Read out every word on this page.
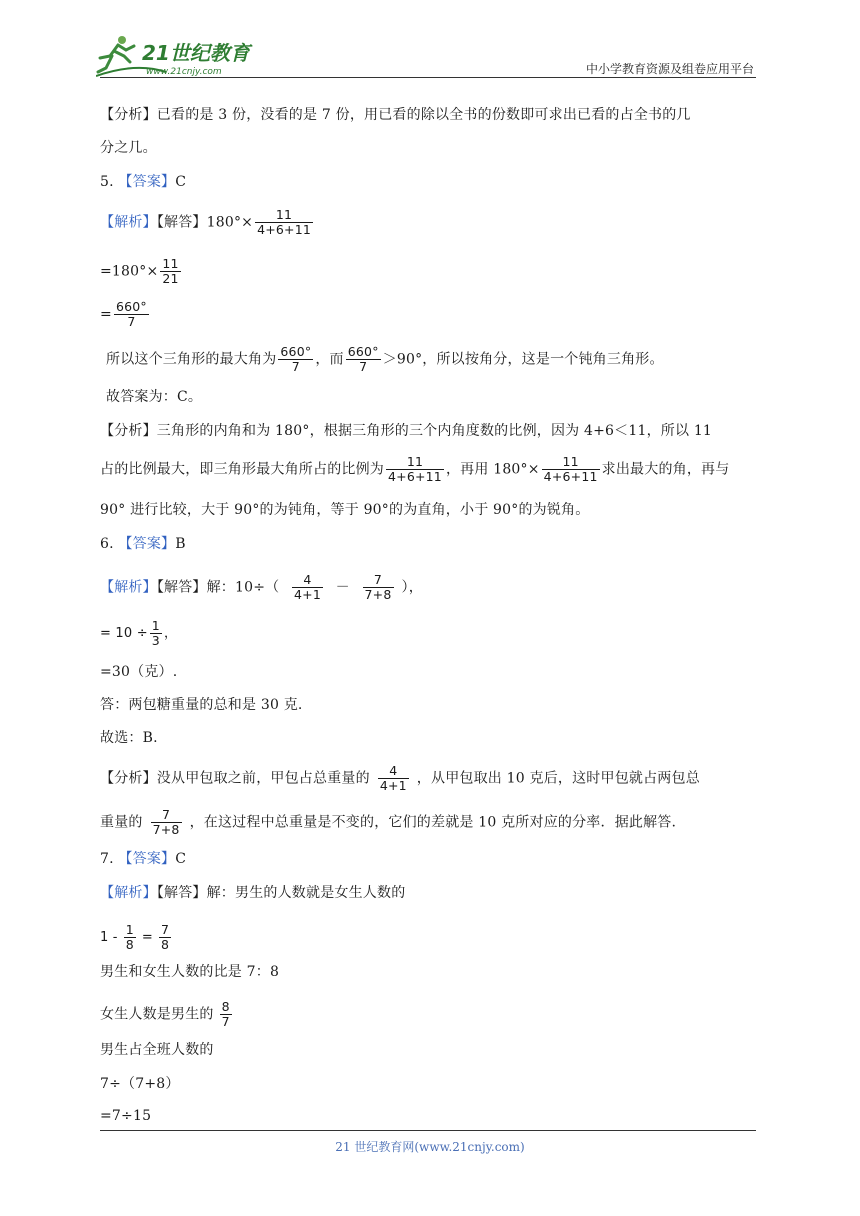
21世纪教育
www.21cnjy.com	中小学教育资源及组卷应用平台
【分析】已看的是 3 份，没看的是 7 份，用已看的除以全书的份数即可求出已看的占全书的几
分之几。
5. 【答案】C
【解析】【解答】$180^\circ\times \frac{11}{4+6+11}$
$=180^\circ\times \frac{11}{21}$
= $\frac{660^\circ}{7}$
所以这个三角形的最大角为 $\frac{660^\circ}{7}$ ，而 $\frac{660^\circ}{7} >90^\circ$，所以按角分，这是一个钝角三角形。
故答案为：C。
【分析】三角形的内角和为 180°，根据三角形的三个内角度数的比例，因为 4+6＜11，所以 11
占的比例最大，即三角形最大角所占的比例为 $\frac{11}{4+6+11}$ ，再用 $180^\circ\times \frac{11}{4+6+11}$ 求出最大的角，再与
90° 进行比较，大于 90°的为钝角，等于 90°的为直角，小于 90°的为锐角。
6. 【答案】B
【解析】【解答】解：$10\div( \frac{4}{4+1} - \frac{7}{7+8}$ ），
= $10 \div \frac{1}{3}$ ，
=30（克）.
答：两包糖重量的总和是 30 克.
故选：B.
【分析】没从甲包取之前，甲包占总重量的 $\frac{4}{4+1}$ ，从甲包取出 10 克后，这时甲包就占两包总
重量的 $\frac{7}{7+8}$ ，在这过程中总重量是不变的，它们的差就是 10 克所对应的分率．据此解答.
7. 【答案】C
【解析】【解答】解：男生的人数就是女生人数的
$1 - \frac{1}{8} = \frac{7}{8}$
男生和女生人数的比是 7：8
女生人数是男生的 $\frac{8}{7}$
男生占全班人数的
7÷（7+8）
=7÷15
21 世纪教育网(www.21cnjy.com)
